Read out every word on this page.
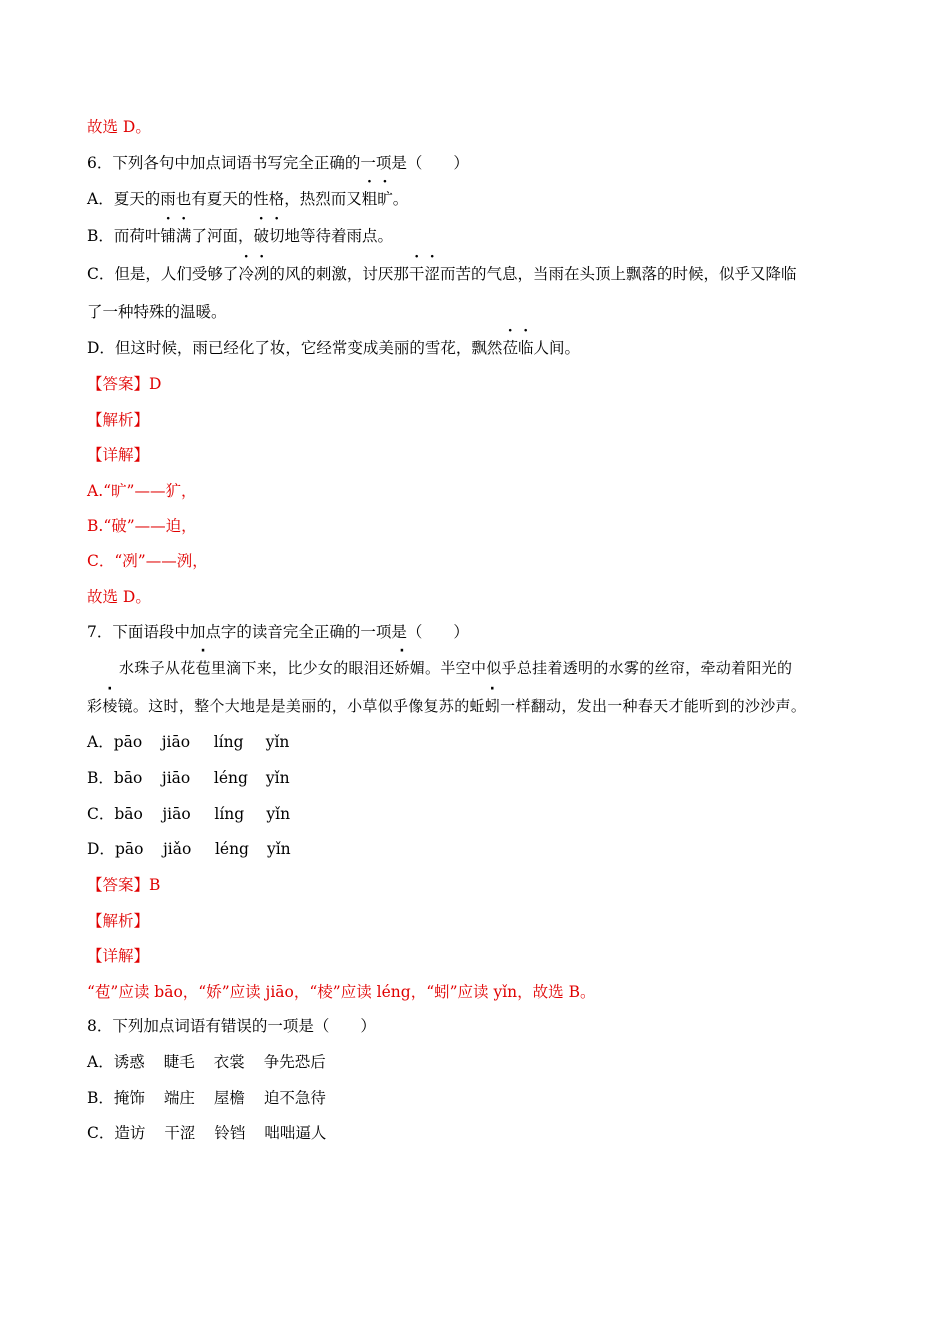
故选 D。
6．下列各句中加点词语书写完全正确的一项是（　　）
A．夏天的雨也有夏天的性格，热烈而又粗旷。
B．而荷叶铺满了河面，破切地等待着雨点。
C．但是，人们受够了冷冽的风的刺激，讨厌那干涩而苦的气息，当雨在头顶上飘落的时候，似乎又降临
了一种特殊的温暖。
D．但这时候，雨已经化了妆，它经常变成美丽的雪花，飘然莅临人间。
【答案】D
【解析】
【详解】
A.“旷”——犷，
B.“破”——迫，
C．“冽”——洌，
故选 D。
7．下面语段中加点字的读音完全正确的一项是（　　）
水珠子从花苞里滴下来，比少女的眼泪还娇媚。半空中似乎总挂着透明的水雾的丝帘，牵动着阳光的
彩棱镜。这时，整个大地是是美丽的，小草似乎像复苏的蚯蚓一样翻动，发出一种春天才能听到的沙沙声。
A．pāo jiāo líng yǐn
B．bāo jiāo léng yǐn
C．bāo jiāo líng yǐn
D．pāo jiǎo léng yǐn
【答案】B
【解析】
【详解】
“苞”应读 bāo，“娇”应读 jiāo，“棱”应读 léng，“蚓”应读 yǐn，故选 B。
8．下列加点词语有错误的一项是（　　）
A．诱惑 睫毛 衣裳 争先恐后
B．掩饰 端庄 屋檐 迫不急待
C．造访 干涩 铃铛 咄咄逼人
